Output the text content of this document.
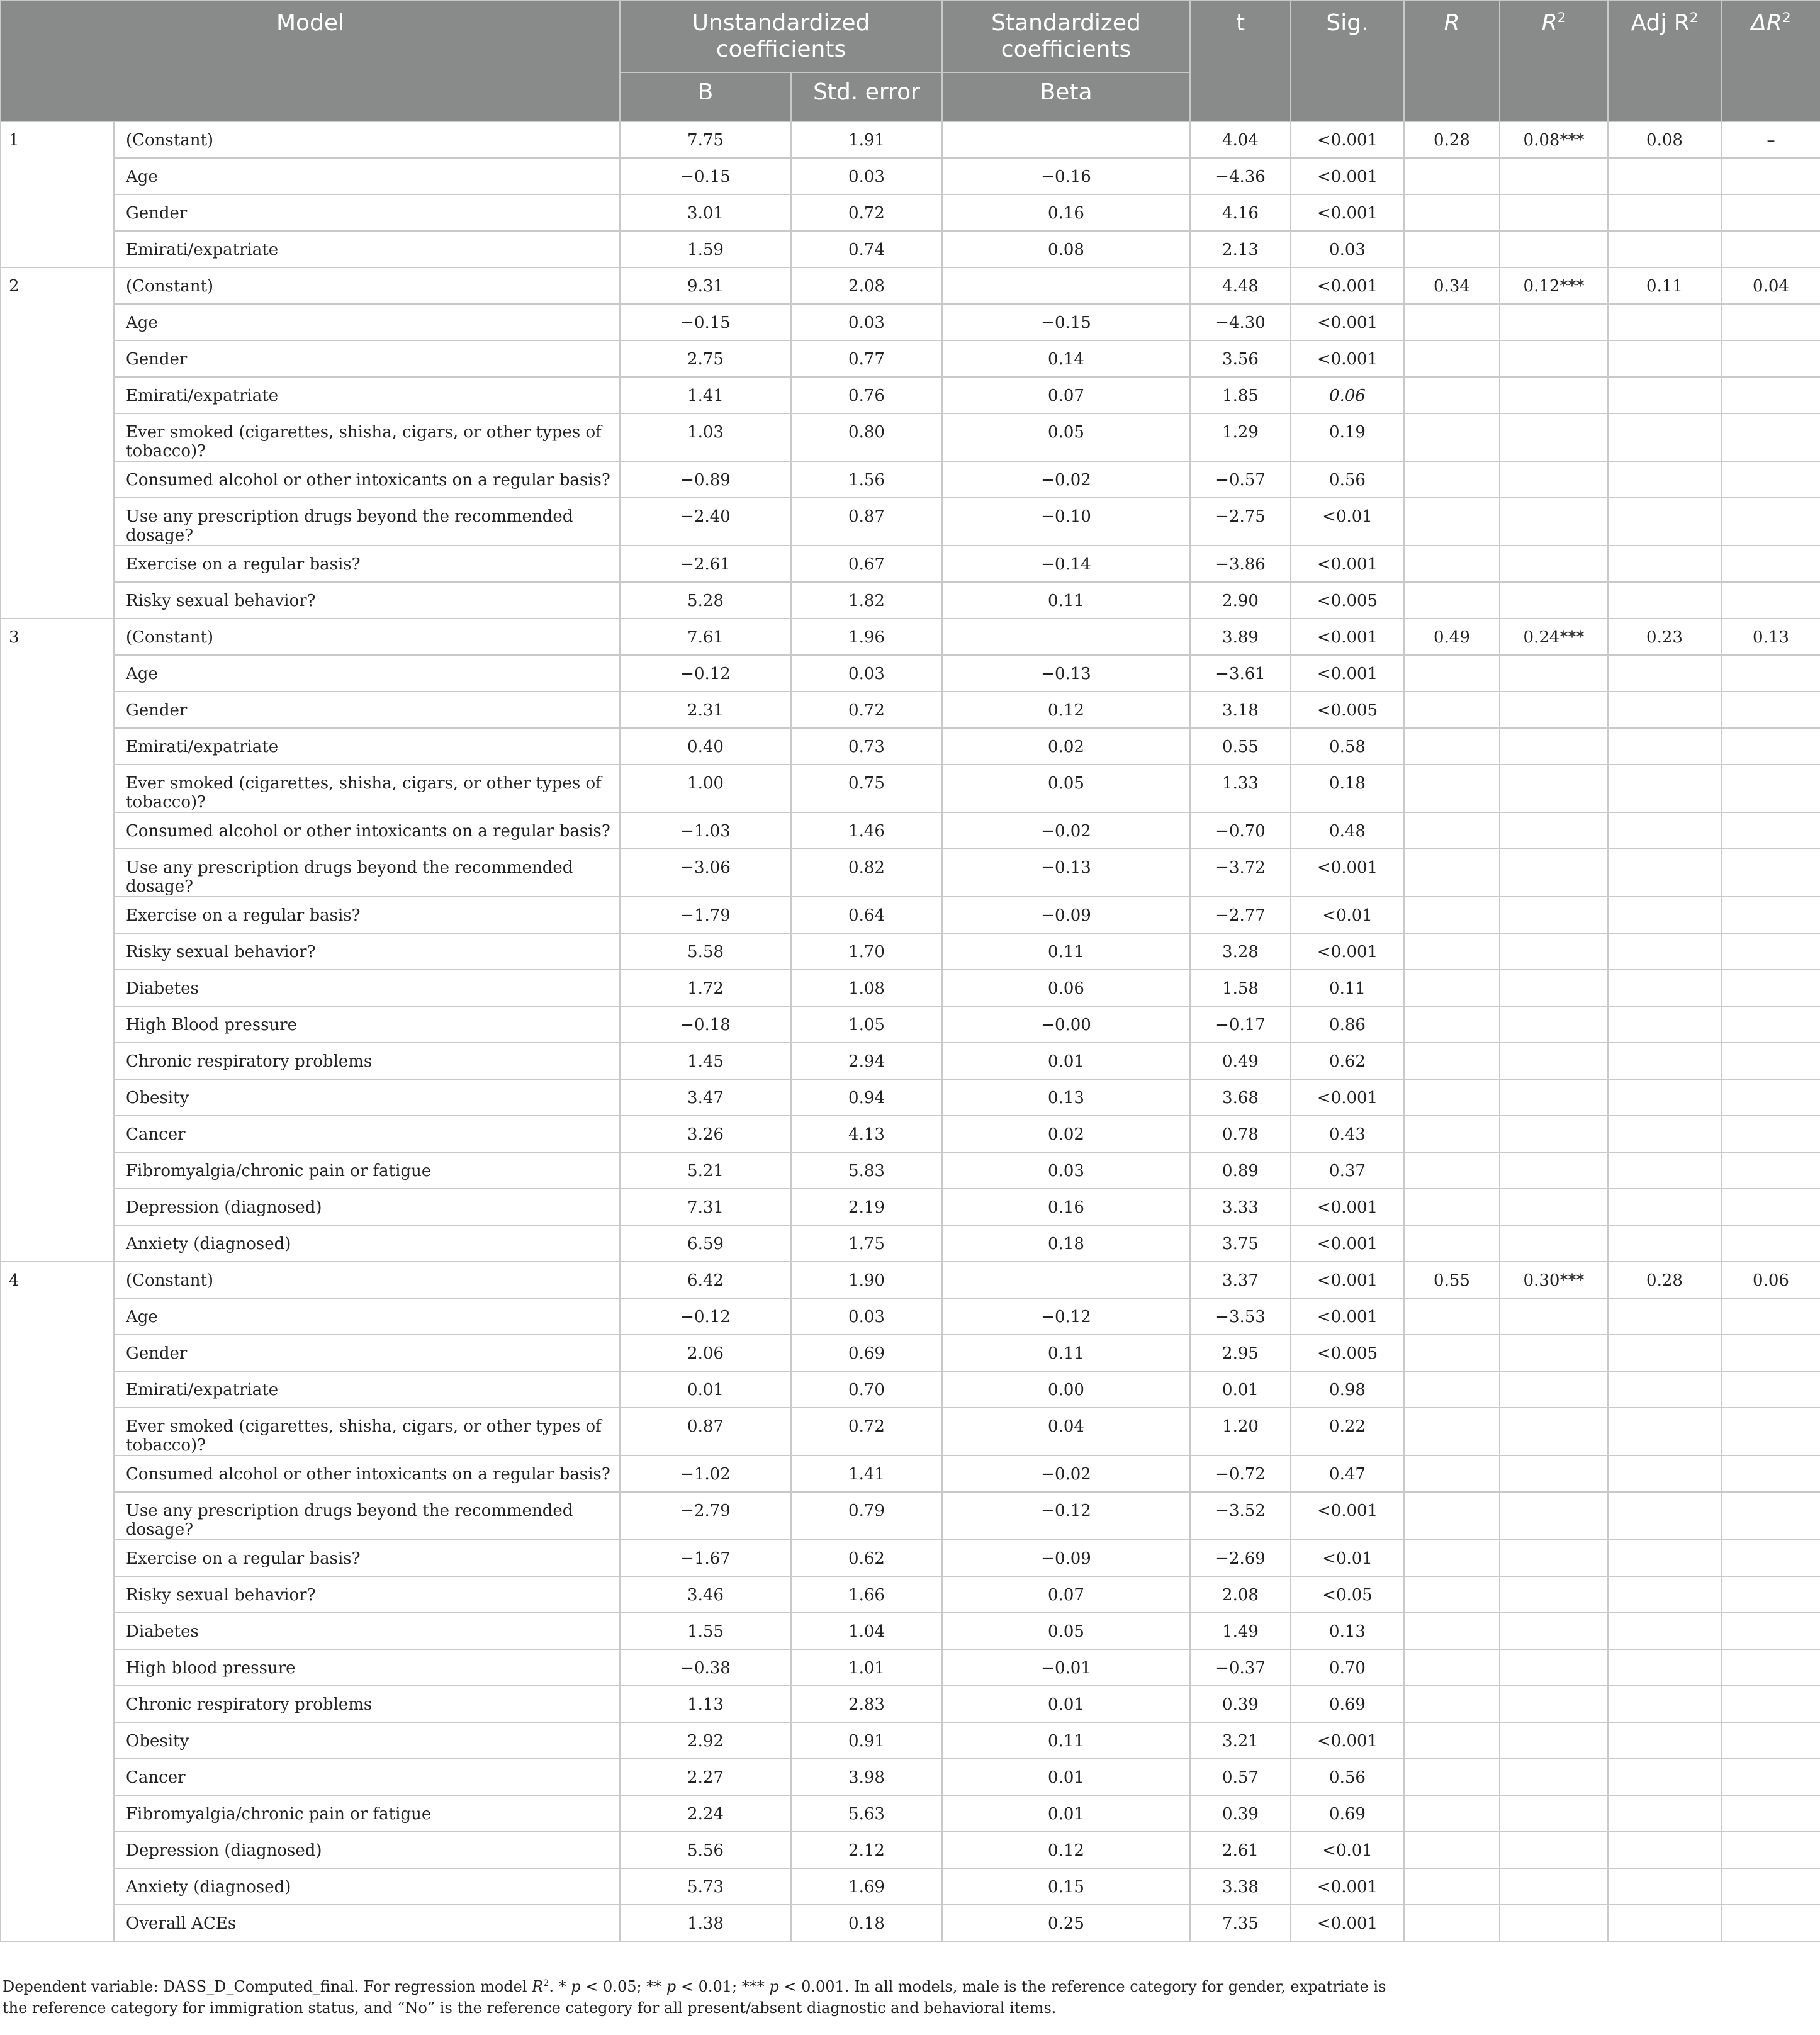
Model		Unstandardized coefficients		Standardized coefficients	t	Sig.	R	$R^2$	Adj $R^2$	$\Delta R^2$
		B	Std. error	Beta						
1	(Constant)	7.75	1.91		4.04	<0.001	0.28	0.08***	0.08	–
	Age	−0.15	0.03	−0.16	−4.36	<0.001				
	Gender	3.01	0.72	0.16	4.16	<0.001				
	Emirati/expatriate	1.59	0.74	0.08	2.13	0.03				
2	(Constant)	9.31	2.08		4.48	<0.001	0.34	0.12***	0.11	0.04
	Age	−0.15	0.03	−0.15	−4.30	<0.001				
	Gender	2.75	0.77	0.14	3.56	<0.001				
	Emirati/expatriate	1.41	0.76	0.07	1.85	0.06				
	Ever smoked (cigarettes, shisha, cigars, or other types of tobacco)?	1.03	0.80	0.05	1.29	0.19				
	Consumed alcohol or other intoxicants on a regular basis?	−0.89	1.56	−0.02	−0.57	0.56				
	Use any prescription drugs beyond the recommended dosage?	−2.40	0.87	−0.10	−2.75	<0.01				
	Exercise on a regular basis?	−2.61	0.67	−0.14	−3.86	<0.001				
	Risky sexual behavior?	5.28	1.82	0.11	2.90	<0.005				
3	(Constant)	7.61	1.96		3.89	<0.001	0.49	0.24***	0.23	0.13
	Age	−0.12	0.03	−0.13	−3.61	<0.001				
	Gender	2.31	0.72	0.12	3.18	<0.005				
	Emirati/expatriate	0.40	0.73	0.02	0.55	0.58				
	Ever smoked (cigarettes, shisha, cigars, or other types of tobacco)?	1.00	0.75	0.05	1.33	0.18				
	Consumed alcohol or other intoxicants on a regular basis?	−1.03	1.46	−0.02	−0.70	0.48				
	Use any prescription drugs beyond the recommended dosage?	−3.06	0.82	−0.13	−3.72	<0.001				
	Exercise on a regular basis?	−1.79	0.64	−0.09	−2.77	<0.01				
	Risky sexual behavior?	5.58	1.70	0.11	3.28	<0.001				
	Diabetes	1.72	1.08	0.06	1.58	0.11				
	High Blood pressure	−0.18	1.05	−0.00	−0.17	0.86				
	Chronic respiratory problems	1.45	2.94	0.01	0.49	0.62				
	Obesity	3.47	0.94	0.13	3.68	<0.001				
	Cancer	3.26	4.13	0.02	0.78	0.43				
	Fibromyalgia/chronic pain or fatigue	5.21	5.83	0.03	0.89	0.37				
	Depression (diagnosed)	7.31	2.19	0.16	3.33	<0.001				
	Anxiety (diagnosed)	6.59	1.75	0.18	3.75	<0.001				
4	(Constant)	6.42	1.90		3.37	<0.001	0.55	0.30***	0.28	0.06
	Age	−0.12	0.03	−0.12	−3.53	<0.001				
	Gender	2.06	0.69	0.11	2.95	<0.005				
	Emirati/expatriate	0.01	0.70	0.00	0.01	0.98				
	Ever smoked (cigarettes, shisha, cigars, or other types of tobacco)?	0.87	0.72	0.04	1.20	0.22				
	Consumed alcohol or other intoxicants on a regular basis?	−1.02	1.41	−0.02	−0.72	0.47				
	Use any prescription drugs beyond the recommended dosage?	−2.79	0.79	−0.12	−3.52	<0.001				
	Exercise on a regular basis?	−1.67	0.62	−0.09	−2.69	<0.01				
	Risky sexual behavior?	3.46	1.66	0.07	2.08	<0.05				
	Diabetes	1.55	1.04	0.05	1.49	0.13				
	High blood pressure	−0.38	1.01	−0.01	−0.37	0.70				
	Chronic respiratory problems	1.13	2.83	0.01	0.39	0.69				
	Obesity	2.92	0.91	0.11	3.21	<0.001				
	Cancer	2.27	3.98	0.01	0.57	0.56				
	Fibromyalgia/chronic pain or fatigue	2.24	5.63	0.01	0.39	0.69				
	Depression (diagnosed)	5.56	2.12	0.12	2.61	<0.01				
	Anxiety (diagnosed)	5.73	1.69	0.15	3.38	<0.001				
	Overall ACEs	1.38	0.18	0.25	7.35	<0.001				
Dependent variable: DASS_D_Computed_final. For regression model $R^2$. * p < 0.05; ** p < 0.01; *** p < 0.001. In all models, male is the reference category for gender, expatriate is the reference category for immigration status, and “No” is the reference category for all present/absent diagnostic and behavioral items.
